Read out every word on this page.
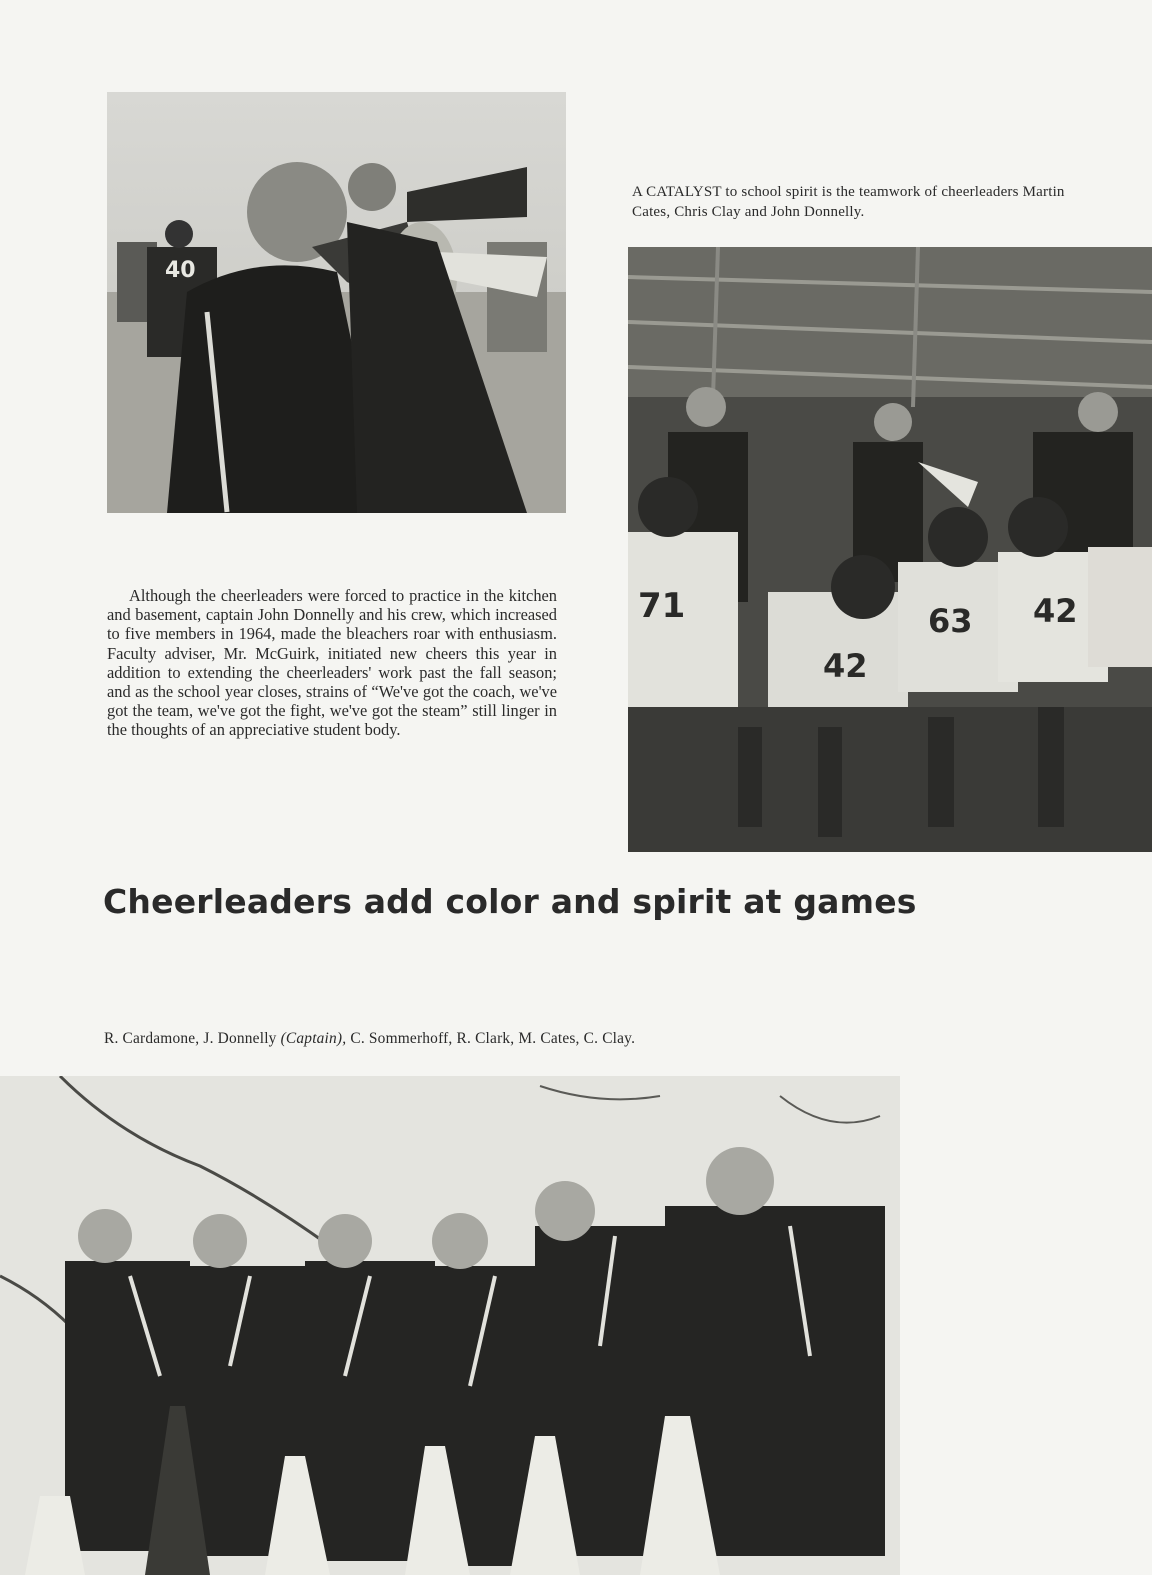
40
A CATALYST to school spirit is the teamwork of cheerleaders Martin Cates, Chris Clay and John Donnelly.
71
42
63 42
Although the cheerleaders were forced to practice in the kitchen and basement, captain John Donnelly and his crew, which increased to five members in 1964, made the bleachers roar with enthusiasm. Faculty adviser, Mr. McGuirk, initiated new cheers this year in addition to extending the cheerleaders' work past the fall season; and as the school year closes, strains of “We've got the coach, we've got the team, we've got the fight, we've got the steam” still linger in the thoughts of an appreciative student body.
Cheerleaders add color and spirit at games
R. Cardamone, J. Donnelly (Captain), C. Sommerhoff, R. Clark, M. Cates, C. Clay.
